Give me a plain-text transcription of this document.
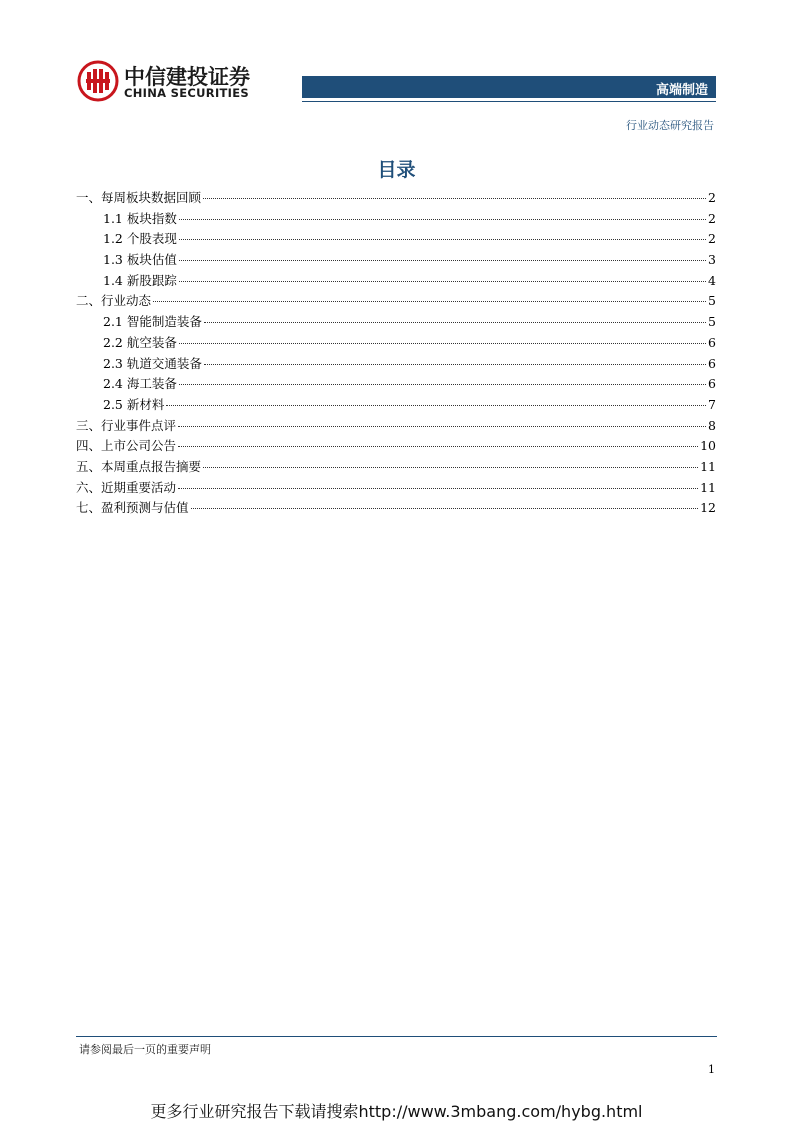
中信建投证券
CHINA SECURITIES	高端制造
行业动态研究报告
目录
一、每周板块数据回顾	2
1.1 板块指数	2
1.2 个股表现	2
1.3 板块估值	3
1.4 新股跟踪	4
二、行业动态	5
2.1 智能制造装备	5
2.2 航空装备	6
2.3 轨道交通装备	6
2.4 海工装备	6
2.5 新材料	7
三、行业事件点评	8
四、上市公司公告	10
五、本周重点报告摘要	11
六、近期重要活动	11
七、盈利预测与估值	12
请参阅最后一页的重要声明
1
更多行业研究报告下载请搜索http://www.3mbang.com/hybg.html
